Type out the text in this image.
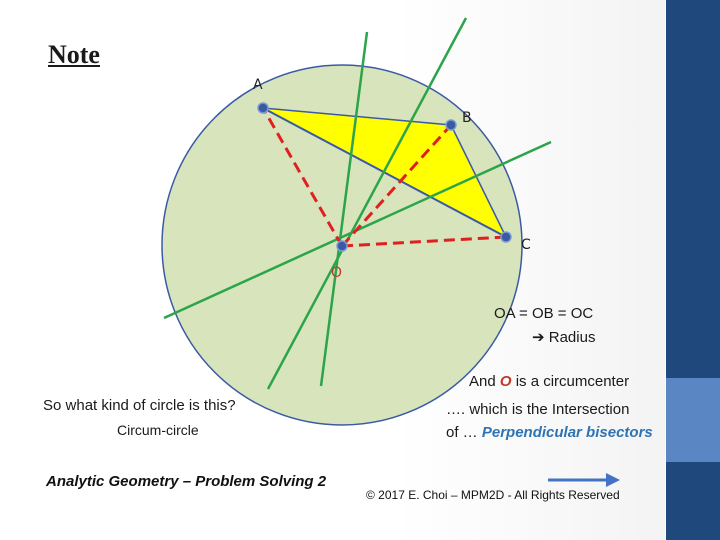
Note
A
B
C
O
OA = OB = OC
➔ Radius
And O is a circumcenter
So what kind of circle is this?
Circum-circle
…. which is the Intersection
of … Perpendicular bisectors
Analytic Geometry – Problem Solving 2
© 2017 E. Choi – MPM2D - All Rights Reserved
